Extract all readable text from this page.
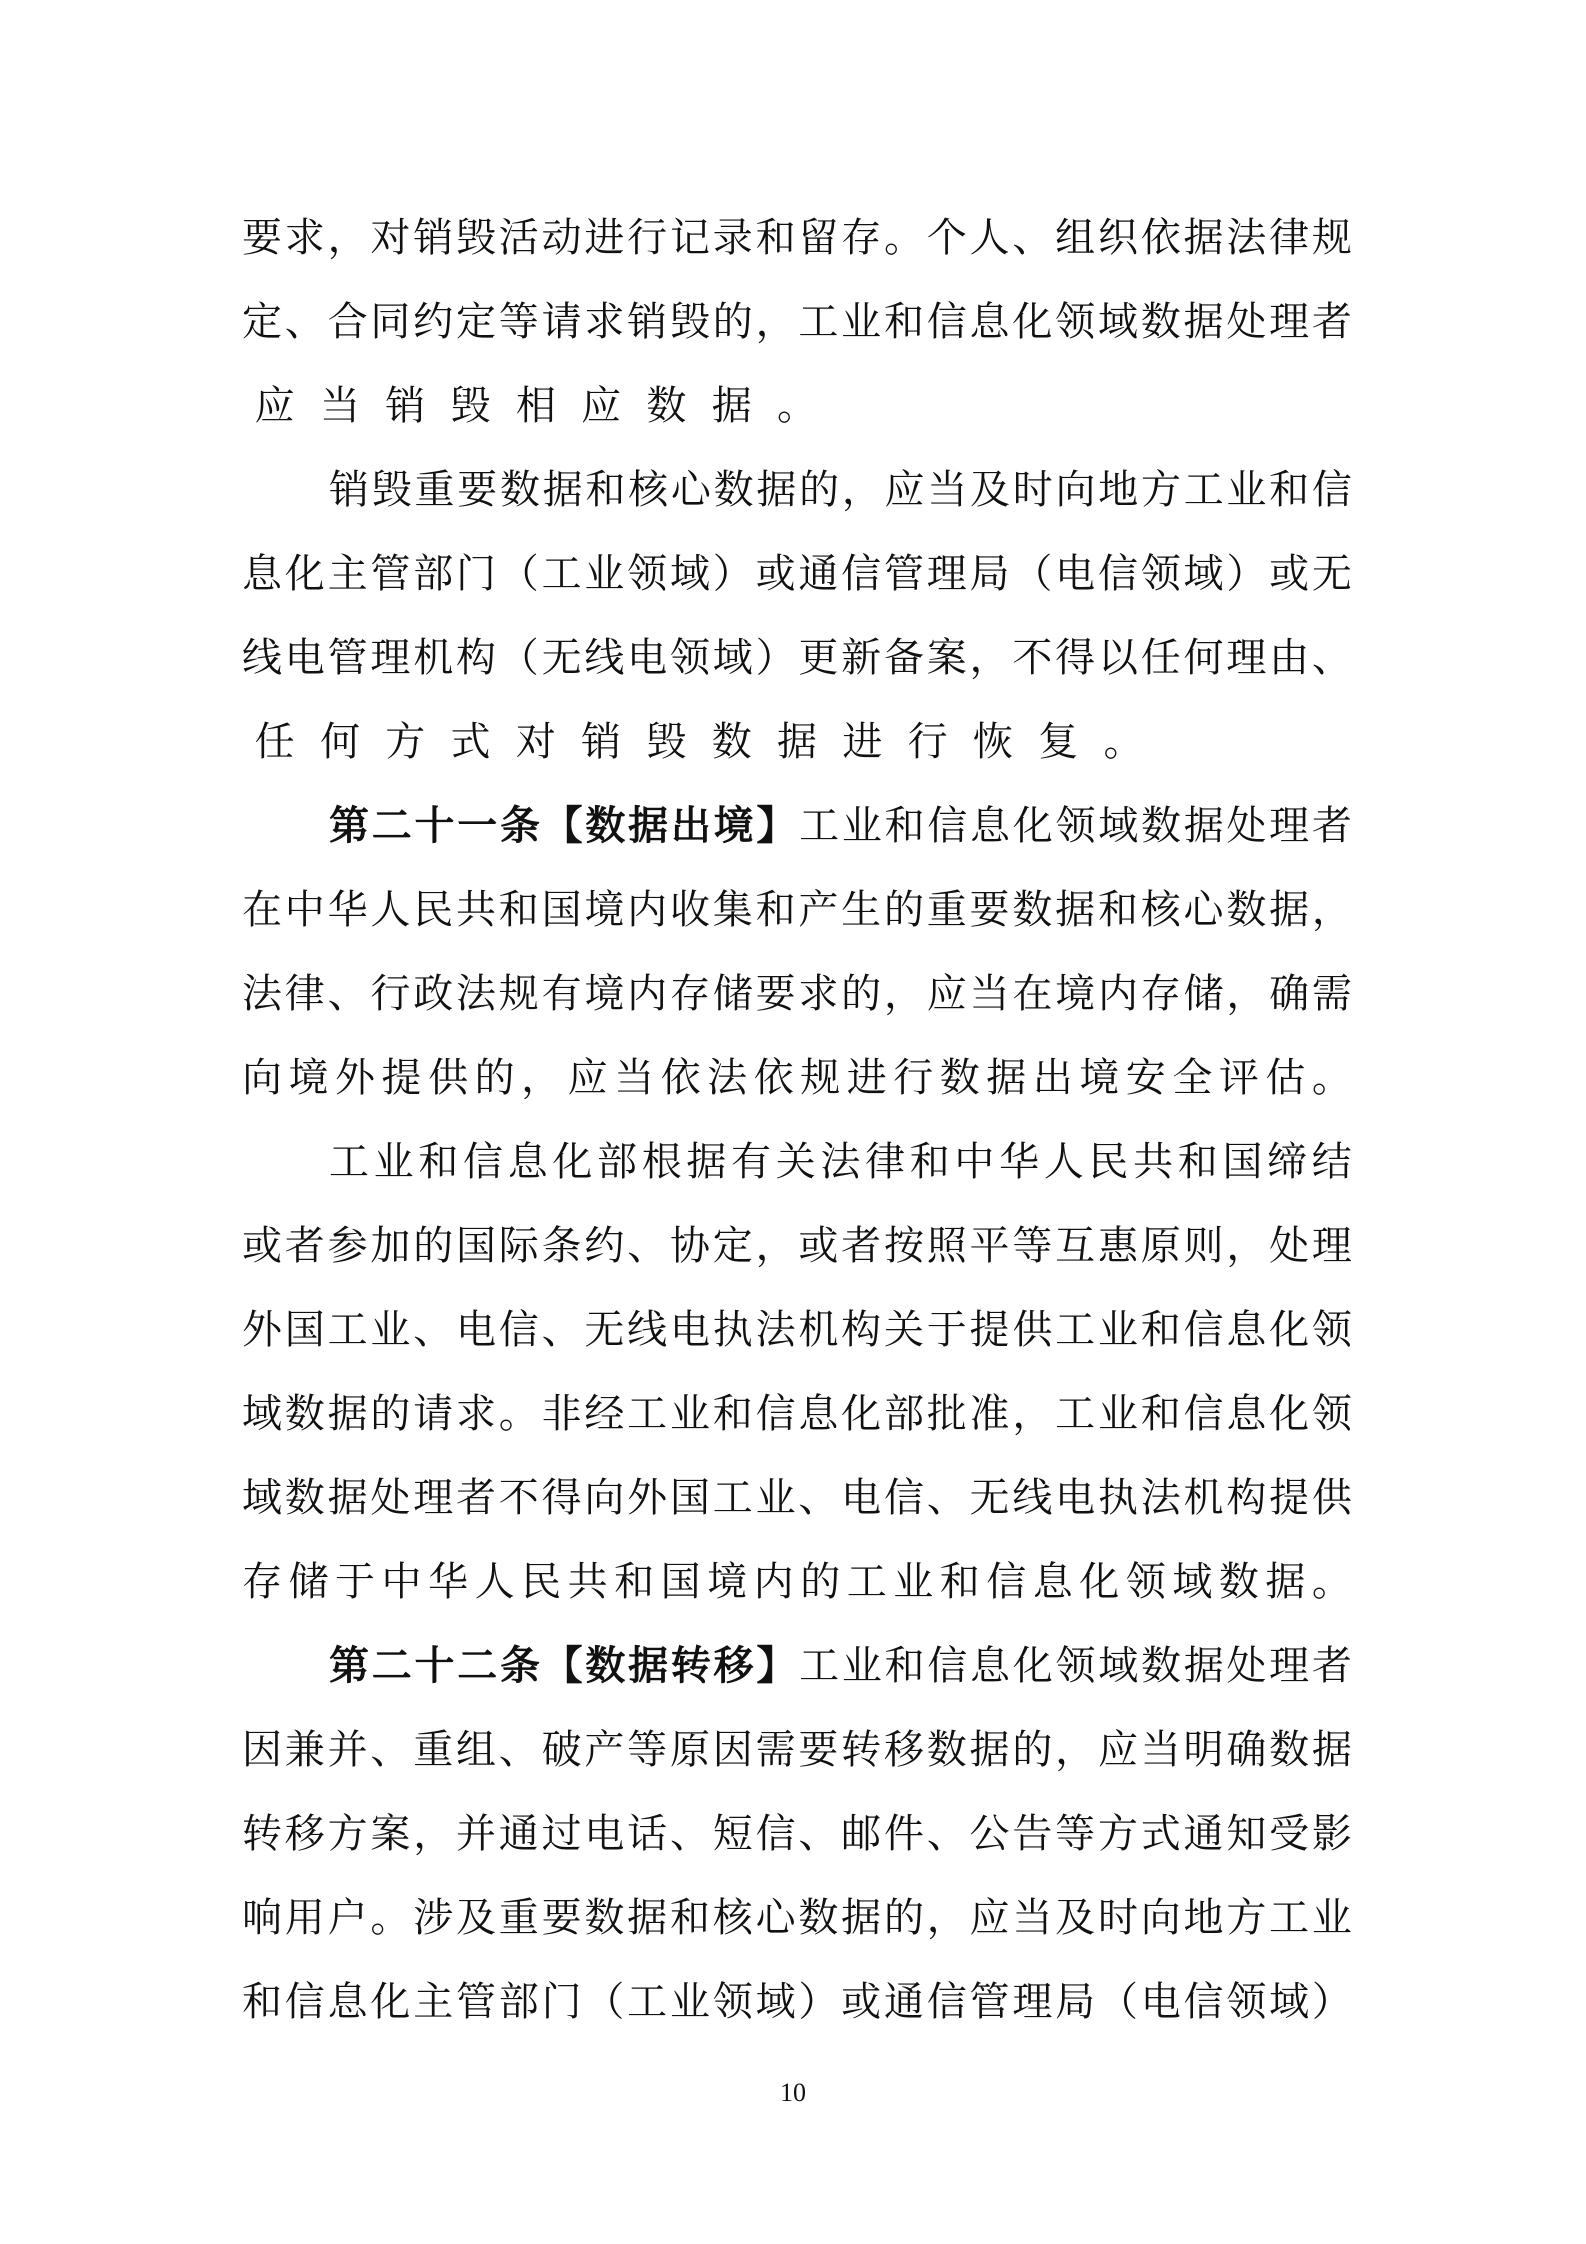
要 求 ， 对 销 毁 活 动 进 行 记 录 和 留 存 。 个 人 、 组 织 依 据 法 律 规
定 、 合 同 约 定 等 请 求 销 毁 的 ， 工 业 和 信 息 化 领 域 数 据 处 理 者
应 当 销 毁 相 应 数 据 。
销 毁 重 要 数 据 和 核 心 数 据 的 ， 应 当 及 时 向 地 方 工 业 和 信
息 化 主 管 部 门 （ 工 业 领 域 ） 或 通 信 管 理 局 （ 电 信 领 域 ） 或 无
线 电 管 理 机 构 （ 无 线 电 领 域 ） 更 新 备 案 ， 不 得 以 任 何 理 由 、
任 何 方 式 对 销 毁 数 据 进 行 恢 复 。
第 二 十 一 条 【 数 据 出 境 】 工 业 和 信 息 化 领 域 数 据 处 理 者
在 中 华 人 民 共 和 国 境 内 收 集 和 产 生 的 重 要 数 据 和 核 心 数 据 ，
法 律 、 行 政 法 规 有 境 内 存 储 要 求 的 ， 应 当 在 境 内 存 储 ， 确 需
向 境 外 提 供 的 ， 应 当 依 法 依 规 进 行 数 据 出 境 安 全 评 估 。
工 业 和 信 息 化 部 根 据 有 关 法 律 和 中 华 人 民 共 和 国 缔 结
或 者 参 加 的 国 际 条 约 、 协 定 ， 或 者 按 照 平 等 互 惠 原 则 ， 处 理
外 国 工 业 、 电 信 、 无 线 电 执 法 机 构 关 于 提 供 工 业 和 信 息 化 领
域 数 据 的 请 求 。 非 经 工 业 和 信 息 化 部 批 准 ， 工 业 和 信 息 化 领
域 数 据 处 理 者 不 得 向 外 国 工 业 、 电 信 、 无 线 电 执 法 机 构 提 供
存 储 于 中 华 人 民 共 和 国 境 内 的 工 业 和 信 息 化 领 域 数 据 。
第 二 十 二 条 【 数 据 转 移 】 工 业 和 信 息 化 领 域 数 据 处 理 者
因 兼 并 、 重 组 、 破 产 等 原 因 需 要 转 移 数 据 的 ， 应 当 明 确 数 据
转 移 方 案 ， 并 通 过 电 话 、 短 信 、 邮 件 、 公 告 等 方 式 通 知 受 影
响 用 户 。 涉 及 重 要 数 据 和 核 心 数 据 的 ， 应 当 及 时 向 地 方 工 业
和 信 息 化 主 管 部 门 （ 工 业 领 域 ） 或 通 信 管 理 局 （ 电 信 领 域 ）
10
